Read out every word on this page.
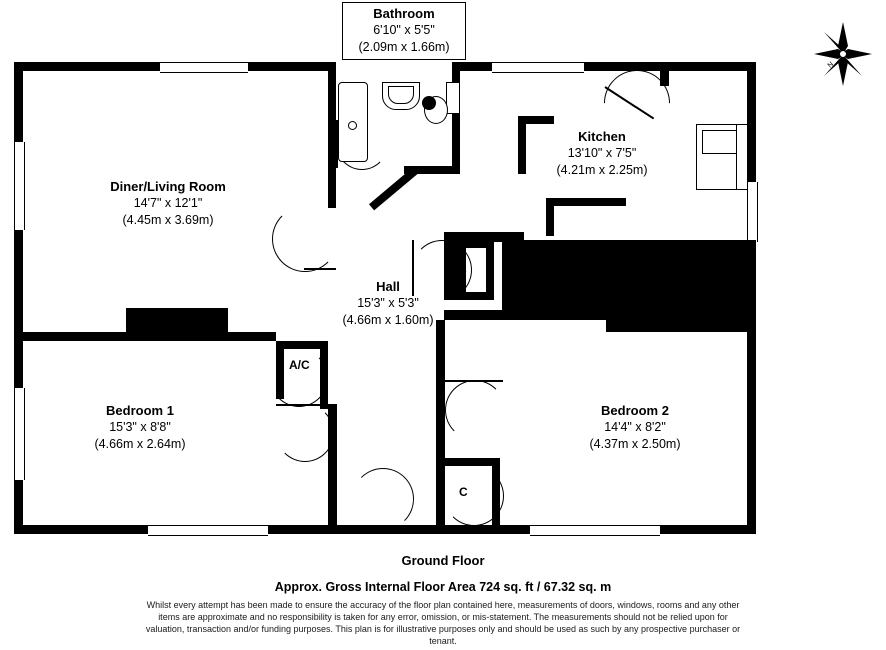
Bathroom
6'10" x 5'5"
(2.09m x 1.66m)
Kitchen
13'10" x 7'5"
(4.21m x 2.25m)
Diner/Living Room
14'7" x 12'1"
(4.45m x 3.69m)
Hall
15'3" x 5'3"
(4.66m x 1.60m)
C
A/C
Bedroom 1
15'3" x 8'8"
(4.66m x 2.64m)
Bedroom 2
14'4" x 8'2"
(4.37m x 2.50m)
C
N
Ground Floor
Approx. Gross Internal Floor Area 724 sq. ft / 67.32 sq. m
Whilst every attempt has been made to ensure the accuracy of the floor plan contained here, measurements of doors, windows, rooms and any other items are approximate and no responsibility is taken for any error, omission, or mis-statement. The measurements should not be relied upon for valuation, transaction and/or funding purposes. This plan is for illustrative purposes only and should be used as such by any prospective purchaser or tenant.
